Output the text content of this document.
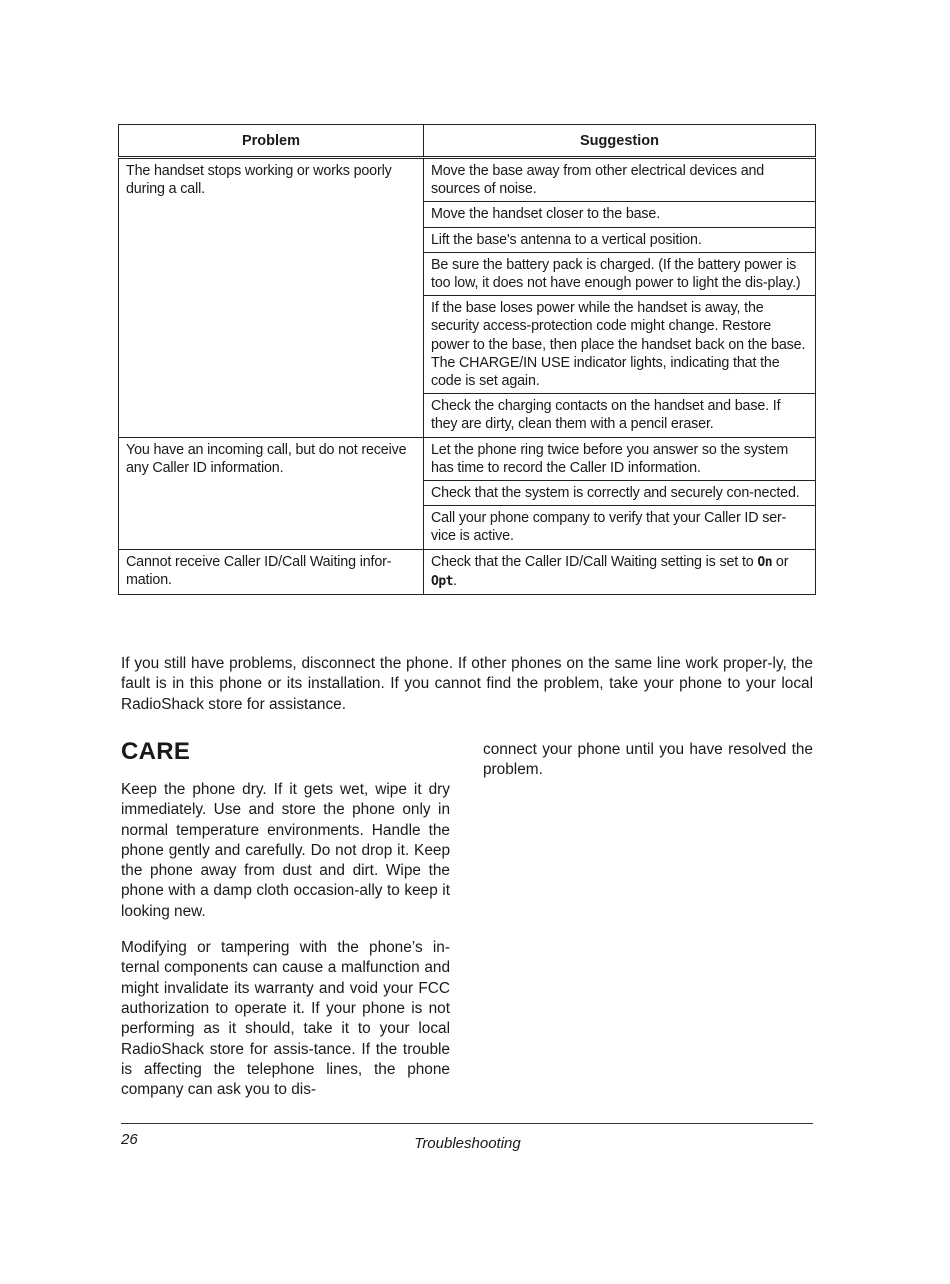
Problem	Suggestion
The handset stops working or works poorly during a call.	Move the base away from other electrical devices and sources of noise.
	Move the handset closer to the base.
	Lift the base's antenna to a vertical position.
	Be sure the battery pack is charged. (If the battery power is too low, it does not have enough power to light the dis-play.)
	If the base loses power while the handset is away, the security access-protection code might change. Restore power to the base, then place the handset back on the base. The CHARGE/IN USE indicator lights, indicating that the code is set again.
	Check the charging contacts on the handset and base. If they are dirty, clean them with a pencil eraser.
You have an incoming call, but do not receive any Caller ID information.	Let the phone ring twice before you answer so the system has time to record the Caller ID information.
	Check that the system is correctly and securely con-nected.
	Call your phone company to verify that your Caller ID ser-vice is active.
Cannot receive Caller ID/Call Waiting infor-mation.	Check that the Caller ID/Call Waiting setting is set to On or Opt.

If you still have problems, disconnect the phone. If other phones on the same line work proper-ly, the fault is in this phone or its installation. If you cannot find the problem, take your phone to your local RadioShack store for assistance.

CARE

Keep the phone dry. If it gets wet, wipe it dry immediately. Use and store the phone only in normal temperature environments. Handle the phone gently and carefully. Do not drop it. Keep the phone away from dust and dirt. Wipe the phone with a damp cloth occasion-ally to keep it looking new.

Modifying or tampering with the phone’s in-ternal components can cause a malfunction and might invalidate its warranty and void your FCC authorization to operate it. If your phone is not performing as it should, take it to your local RadioShack store for assis-tance. If the trouble is affecting the telephone lines, the phone company can ask you to dis-

connect your phone until you have resolved the problem.

26	Troubleshooting
